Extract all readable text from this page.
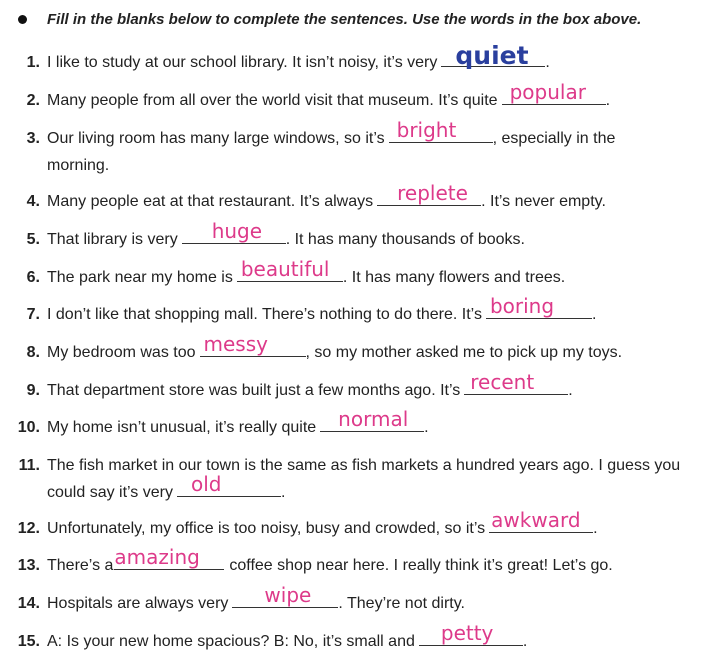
Fill in the blanks below to complete the sentences. Use the words in the box above.
1. I like to study at our school library. It isn’t noisy, it’s very quiet .
2. Many people from all over the world visit that museum. It’s quite popular .
3. Our living room has many large windows, so it’s bright , especially in the morning.
4. Many people eat at that restaurant. It’s always replete . It’s never empty.
5. That library is very huge . It has many thousands of books.
6. The park near my home is beautiful . It has many flowers and trees.
7. I don’t like that shopping mall. There’s nothing to do there. It’s boring .
8. My bedroom was too messy , so my mother asked me to pick up my toys.
9. That department store was built just a few months ago. It’s recent .
10. My home isn’t unusual, it’s really quite normal .
11. The fish market in our town is the same as fish markets a hundred years ago. I guess you could say it’s very old	.
12. Unfortunately, my office is too noisy, busy and crowded, so it’s awkward .
13. There’s a amazing coffee shop near here. I really think it’s great! Let’s go.
14. Hospitals are always very wipe . They’re not dirty.
15. A: Is your new home spacious? B: No, it’s small and petty .
